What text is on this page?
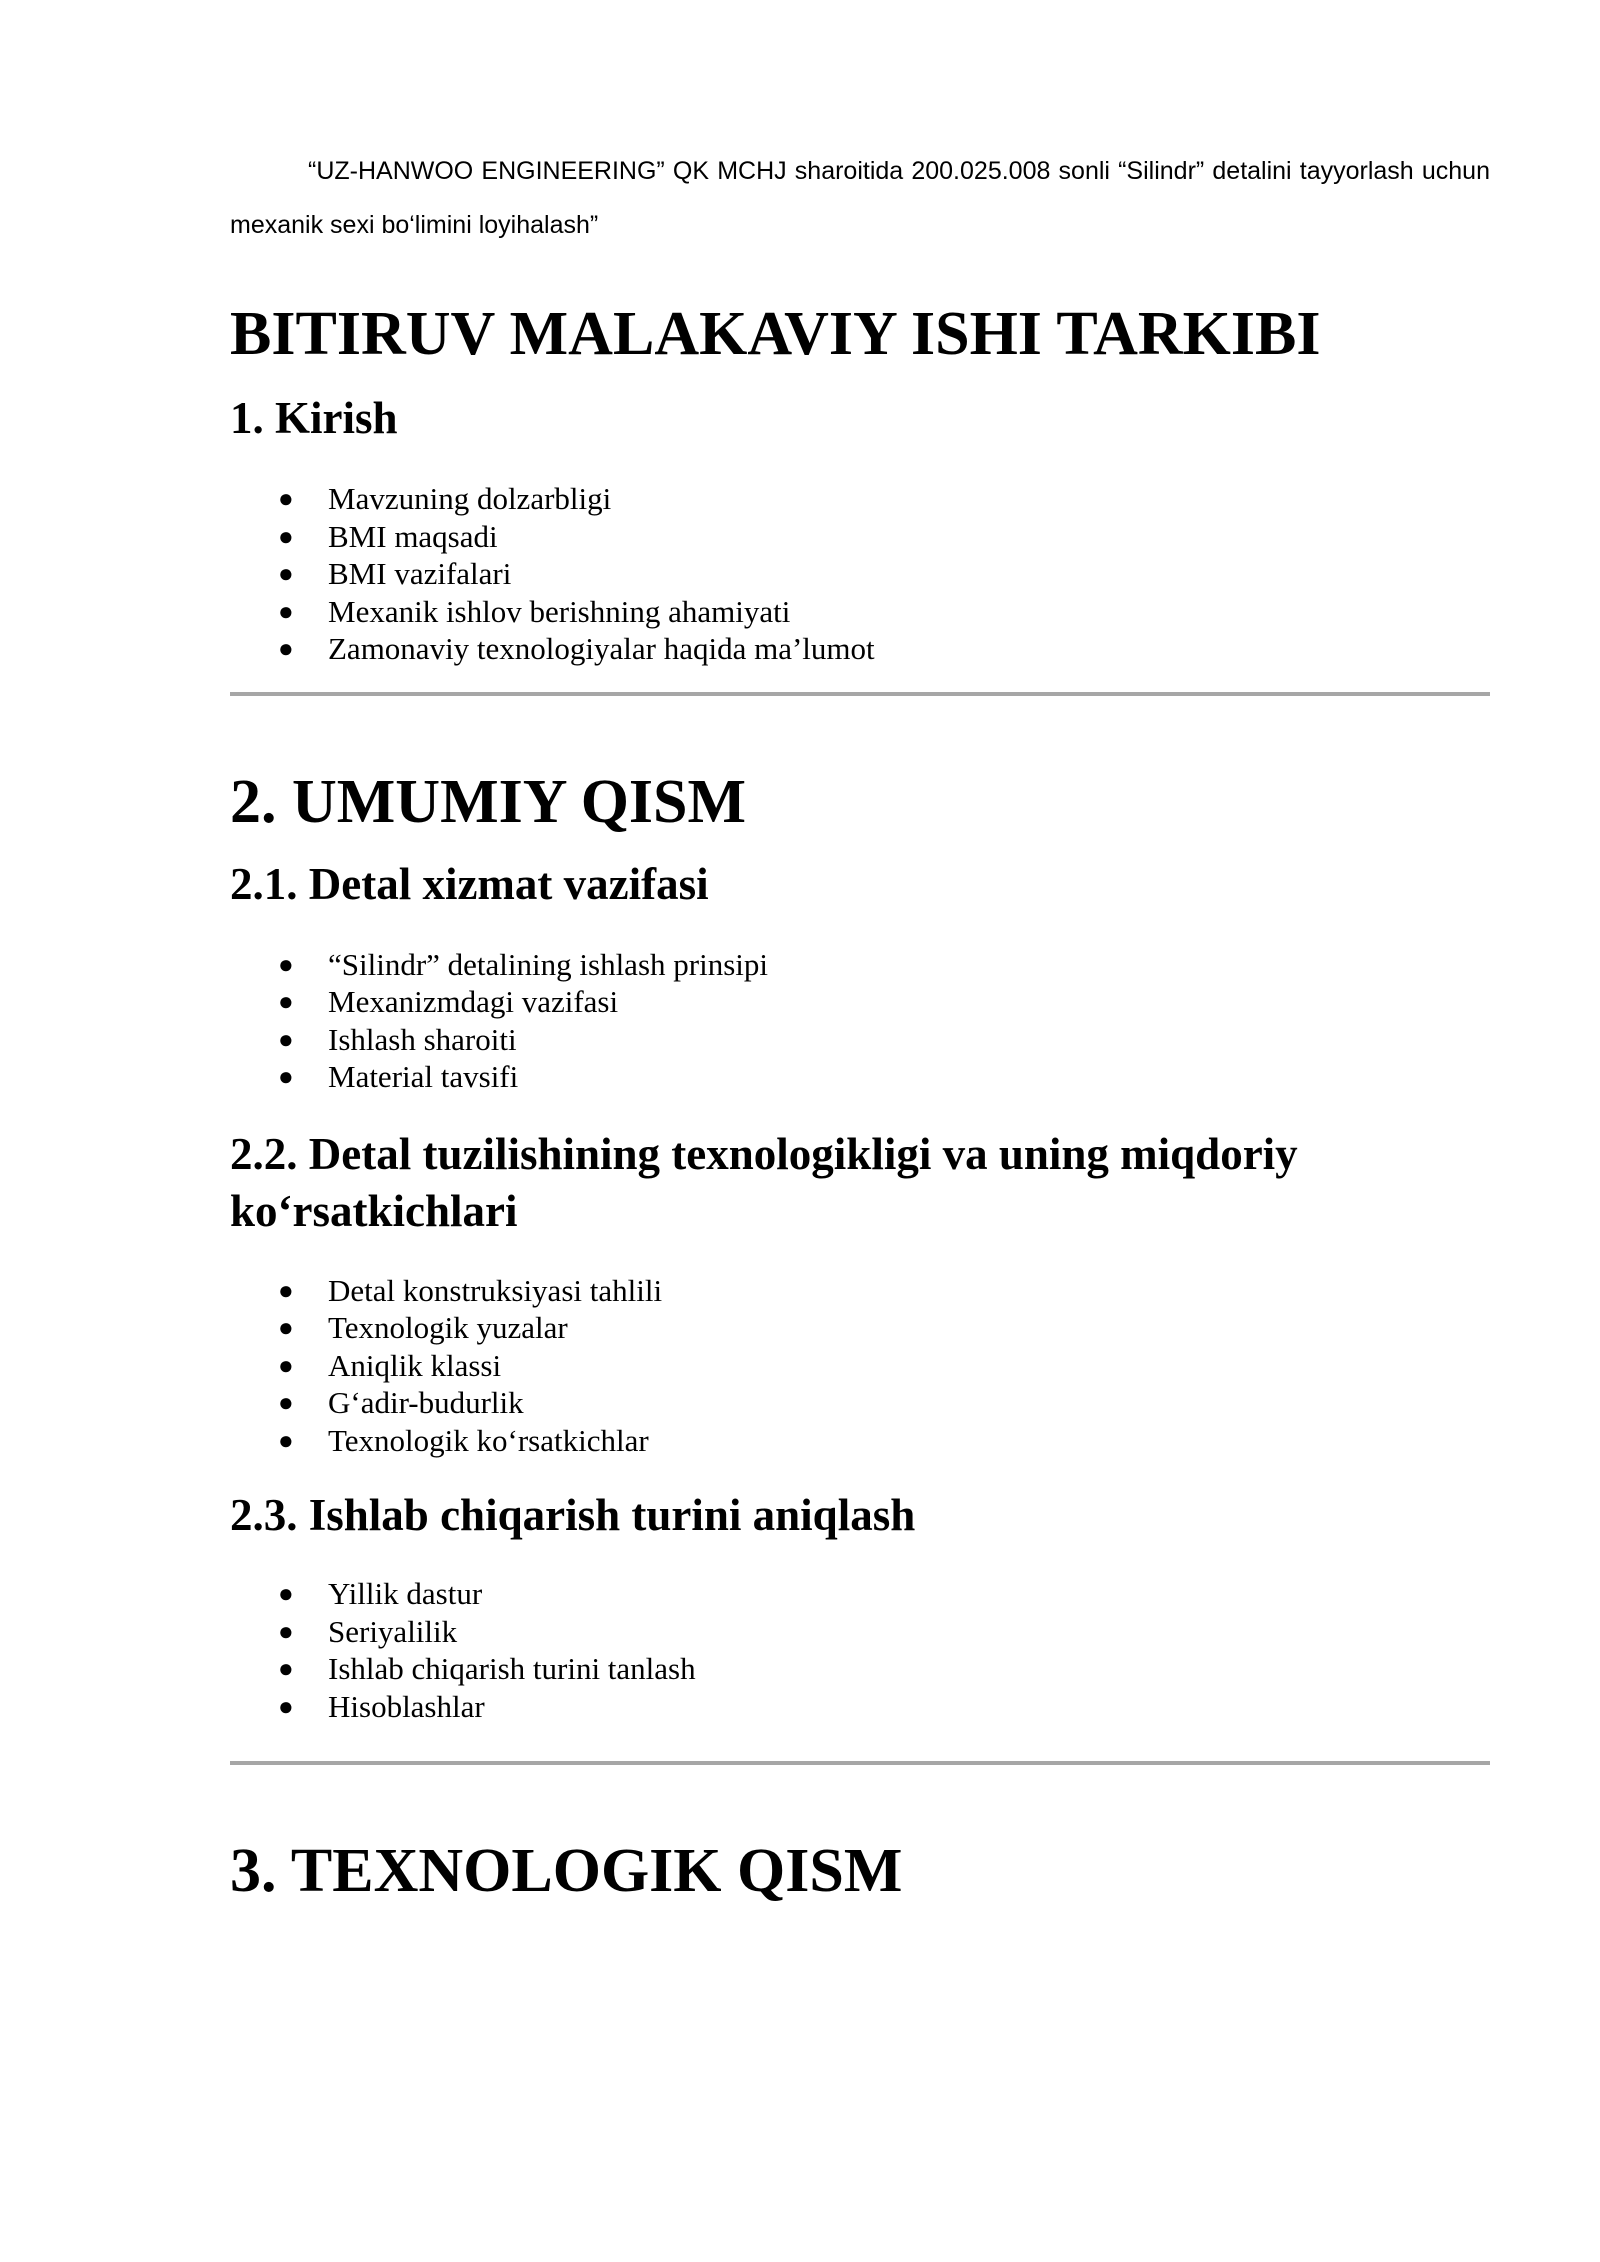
“UZ-HANWOO ENGINEERING” QK MCHJ sharoitida 200.025.008 sonli “Silindr” detalini tayyorlash uchun mexanik sexi bo‘limini loyihalash”

BITIRUV MALAKAVIY ISHI TARKIBI
1. Kirish
● Mavzuning dolzarbligi
● BMI maqsadi
● BMI vazifalari
● Mexanik ishlov berishning ahamiyati
● Zamonaviy texnologiyalar haqida ma’lumot
2. UMUMIY QISM
2.1. Detal xizmat vazifasi
● “Silindr” detalining ishlash prinsipi
● Mexanizmdagi vazifasi
● Ishlash sharoiti
● Material tavsifi
2.2. Detal tuzilishining texnologikligi va uning miqdoriy ko‘rsatkichlari
● Detal konstruksiyasi tahlili
● Texnologik yuzalar
● Aniqlik klassi
● G‘adir-budurlik
● Texnologik ko‘rsatkichlar
2.3. Ishlab chiqarish turini aniqlash
● Yillik dastur
● Seriyalilik
● Ishlab chiqarish turini tanlash
● Hisoblashlar
3. TEXNOLOGIK QISM
